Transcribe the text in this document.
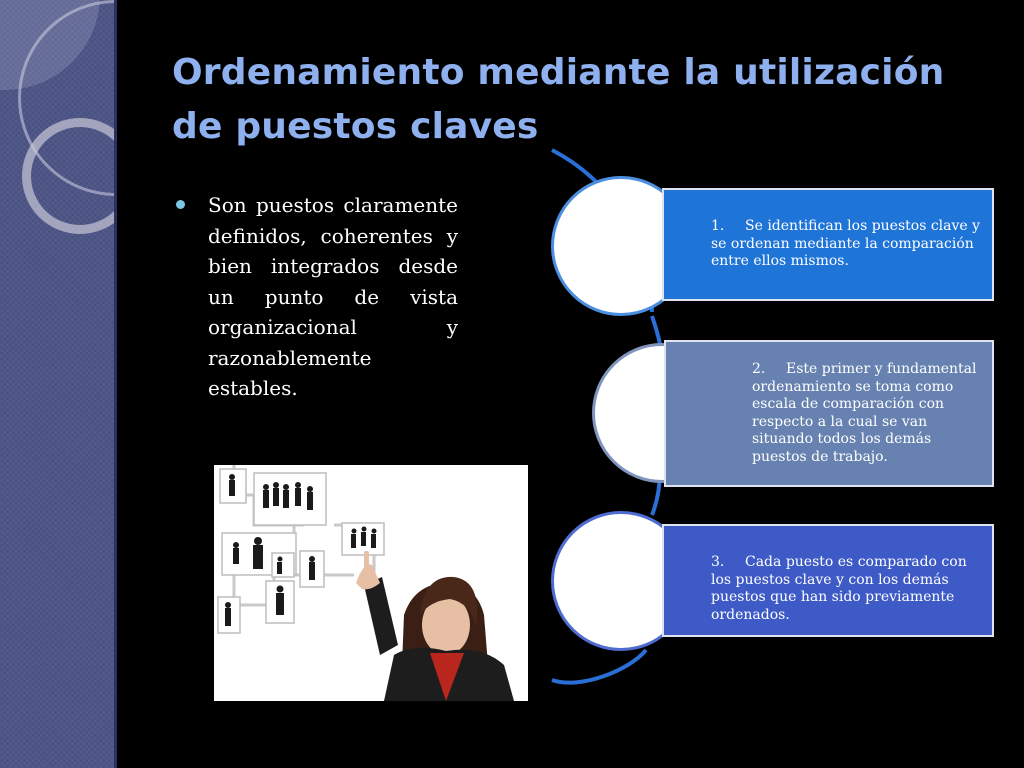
Ordenamiento mediante la utilización
de puestos claves

Son puestos claramente definidos, coherentes y bien integrados desde un punto de vista organizacional y razonablemente estables.

1. Se identifican los puestos clave y se ordenan mediante la comparación entre ellos mismos.
2. Este primer y fundamental ordenamiento se toma como escala de comparación con respecto a la cual se van situando todos los demás puestos de trabajo.
3. Cada puesto es comparado con los puestos clave y con los demás puestos que han sido previamente ordenados.
